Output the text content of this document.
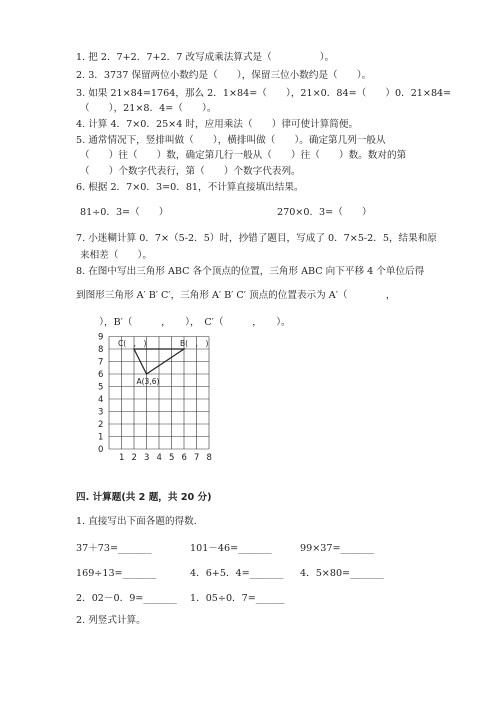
1. 把 2．7+2．7+2．7 改写成乘法算式是（　　　　　）。
2. 3．3737 保留两位小数约是（　　），保留三位小数约是（　　）。
3. 如果 21×84=1764，那么 2．1×84=（　　），21×0．84=（　　）0．21×84=
（　　），21×8．4=（　　）。
4. 计算 4．7×0．25×4 时，应用乘法（　　）律可使计算简便。
5. 通常情况下，竖排叫做（　　），横排叫做（　　）。确定第几列一般从
（　　）往（　　）数，确定第几行一般从（　　）往（　　）数。数对的第
（　　）个数字代表行，第（　　）个数字代表列。
6. 根据 2．7×0．3=0．81，不计算直接填出结果。
81÷0．3=（　　）	270×0．3=（　　）
7. 小迷糊计算 0．7×（5-2．5）时，抄错了题目，写成了 0．7×5-2．5，结果和原
来相差（　　）。
8. 在图中写出三角形 ABC 各个顶点的位置，三角形 ABC 向下平移 4 个单位后得
到图形三角形 A′ B′ C′，三角形 A′ B′ C′ 顶点的位置表示为 A′（　　　　，
　　），B′（　　　，　　），　C′（　　　，　　）。
9
8
7
6
5
4
3
2
1
0
1 2 3 4 5 6 7 8
C(　,　)	B(　,　)
A(3,6)
四. 计算题(共 2 题，共 20 分)
1. 直接写出下面各题的得数.
37＋73=_______	101－46=_______	99×37=_______
169÷13=_______	4．6+5．4=_______ 4．5×80=_______
2．02－0．9=_______ 1．05÷0．7=______
2. 列竖式计算。
